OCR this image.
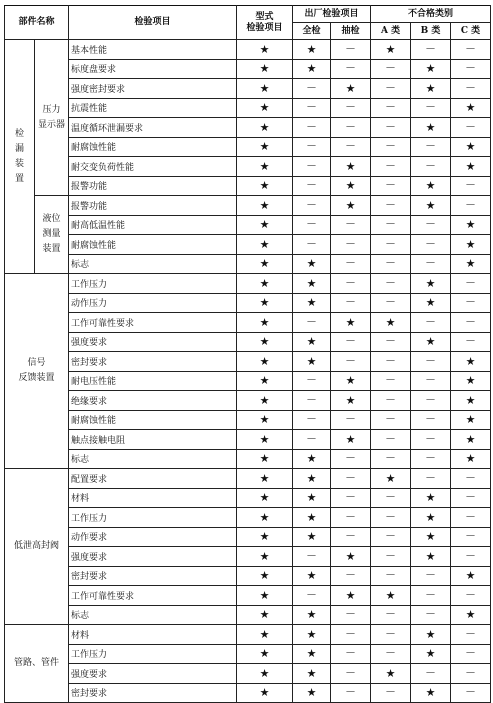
部件名称		检验项目	型式
检验项目	出厂检验项目		不合格类别		
				全检	抽检	A 类	B 类	C 类
检
漏
装
置	压力
显示器	基本性能	★	★	—	★	—	—
		标度盘要求	★	★	—	—	★	—
		强度密封要求	★	—	★	—	★	—
		抗震性能	★	—	—	—	—	★
		温度循环泄漏要求	★	—	—	—	★	—
		耐腐蚀性能	★	—	—	—	—	★
		耐交变负荷性能	★	—	★	—	—	★
		报警功能	★	—	★	—	★	—
	液位
测量
装置	报警功能	★	—	★	—	★	—
		耐高低温性能	★	—	—	—	—	★
		耐腐蚀性能	★	—	—	—	—	★
		标志	★	★	—	—	—	★
信号
反馈装置		工作压力	★	★	—	—	★	—
		动作压力	★	★	—	—	★	—
		工作可靠性要求	★	—	★	★	—	—
		强度要求	★	★	—	—	★	—
		密封要求	★	★	—	—	—	★
		耐电压性能	★	—	★	—	—	★
		绝缘要求	★	—	★	—	—	★
		耐腐蚀性能	★	—	—	—	—	★
		触点接触电阻	★	—	★	—	—	★
		标志	★	★	—	—	—	★
低泄高封阀		配置要求	★	★	—	★	—	—
		材料	★	★	—	—	★	—
		工作压力	★	★	—	—	★	—
		动作要求	★	★	—	—	★	—
		强度要求	★	—	★	—	★	—
		密封要求	★	★	—	—	—	★
		工作可靠性要求	★	—	★	★	—	—
		标志	★	★	—	—	—	★
管路、管件		材料	★	★	—	—	★	—
		工作压力	★	★	—	—	★	—
		强度要求	★	★	—	★	—	—
		密封要求	★	★	—	—	★	—
